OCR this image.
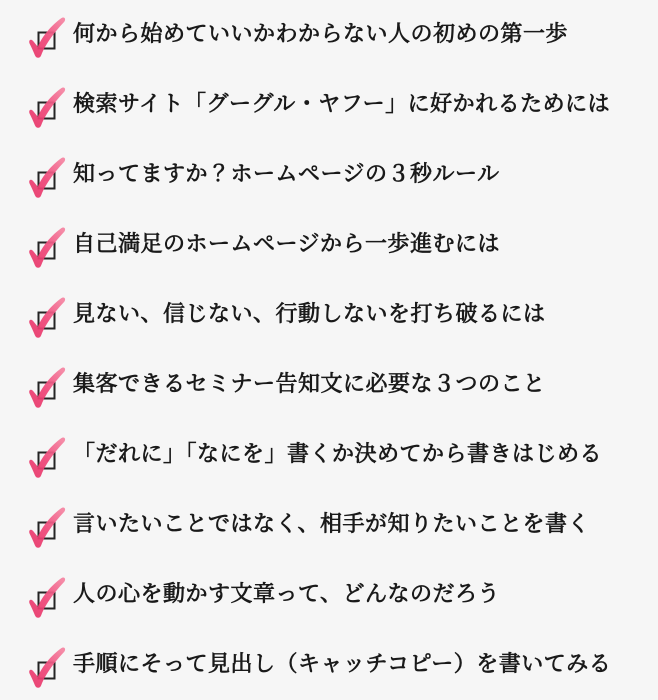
何から始めていいかわからない人の初めの第一歩
検索サイト「グーグル・ヤフー」に好かれるためには
知ってますか？ホームページの３秒ルール
自己満足のホームページから一歩進むには
見ない、信じない、行動しないを打ち破るには
集客できるセミナー告知文に必要な３つのこと
「だれに」「なにを」書くか決めてから書きはじめる
言いたいことではなく、相手が知りたいことを書く
人の心を動かす文章って、どんなのだろう
手順にそって見出し（キャッチコピー）を書いてみる
